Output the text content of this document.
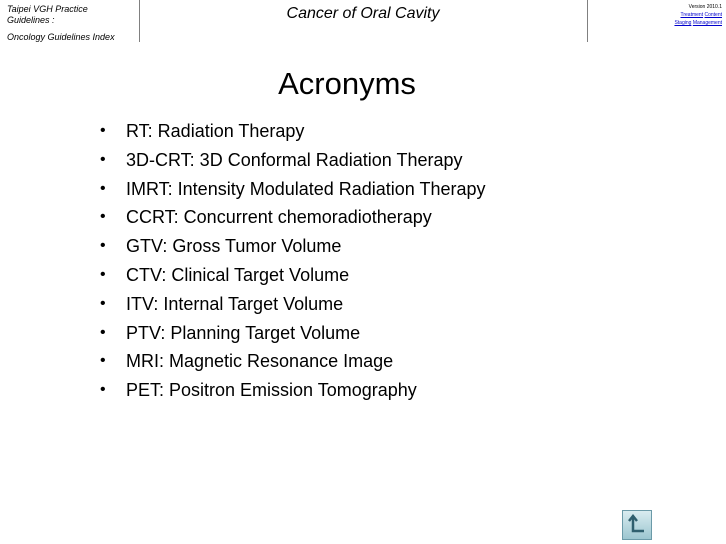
Taipei VGH Practice
Guidelines :
Oncology Guidelines Index
Cancer of Oral Cavity	Version 2010.1
Treatment Content
Staging Management
Acronyms
• RT: Radiation Therapy
• 3D-CRT: 3D Conformal Radiation Therapy
• IMRT: Intensity Modulated Radiation Therapy
• CCRT: Concurrent chemoradiotherapy
• GTV: Gross Tumor Volume
• CTV: Clinical Target Volume
• ITV: Internal Target Volume
• PTV: Planning Target Volume
• MRI: Magnetic Resonance Image
• PET: Positron Emission Tomography
